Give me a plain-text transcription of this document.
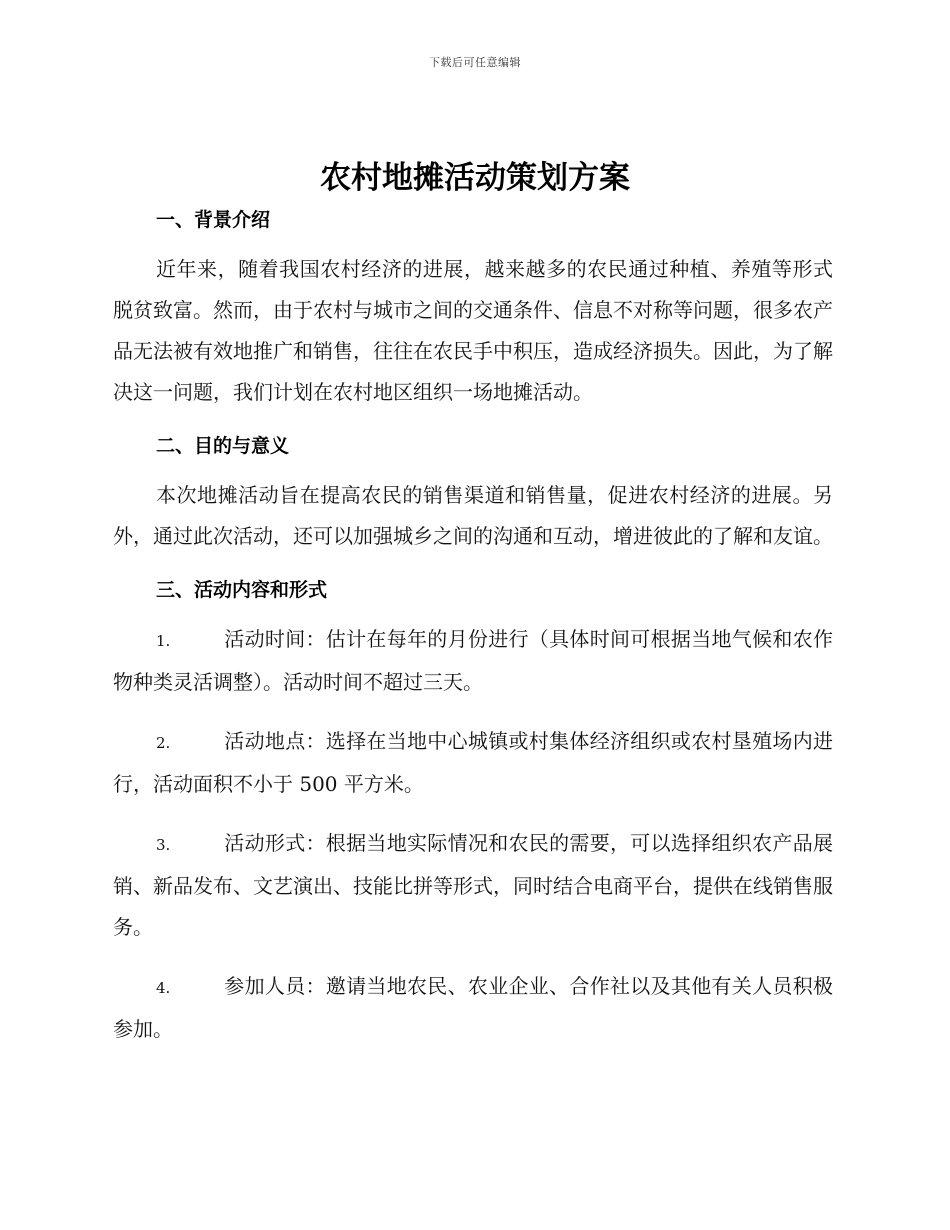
下载后可任意编辑
农村地摊活动策划方案
一、背景介绍

近年来，随着我国农村经济的进展，越来越多的农民通过种植、养殖等形式脱贫致富。然而，由于农村与城市之间的交通条件、信息不对称等问题，很多农产品无法被有效地推广和销售，往往在农民手中积压，造成经济损失。因此，为了解决这一问题，我们计划在农村地区组织一场地摊活动。

二、目的与意义

本次地摊活动旨在提高农民的销售渠道和销售量，促进农村经济的进展。另外，通过此次活动，还可以加强城乡之间的沟通和互动，增进彼此的了解和友谊。

三、活动内容和形式

1.	活动时间：估计在每年的月份进行（具体时间可根据当地气候和农作物种类灵活调整）。活动时间不超过三天。

2.	活动地点：选择在当地中心城镇或村集体经济组织或农村垦殖场内进行，活动面积不小于 500 平方米。

3.	活动形式：根据当地实际情况和农民的需要，可以选择组织农产品展销、新品发布、文艺演出、技能比拼等形式，同时结合电商平台，提供在线销售服务。

4.	参加人员：邀请当地农民、农业企业、合作社以及其他有关人员积极参加。
